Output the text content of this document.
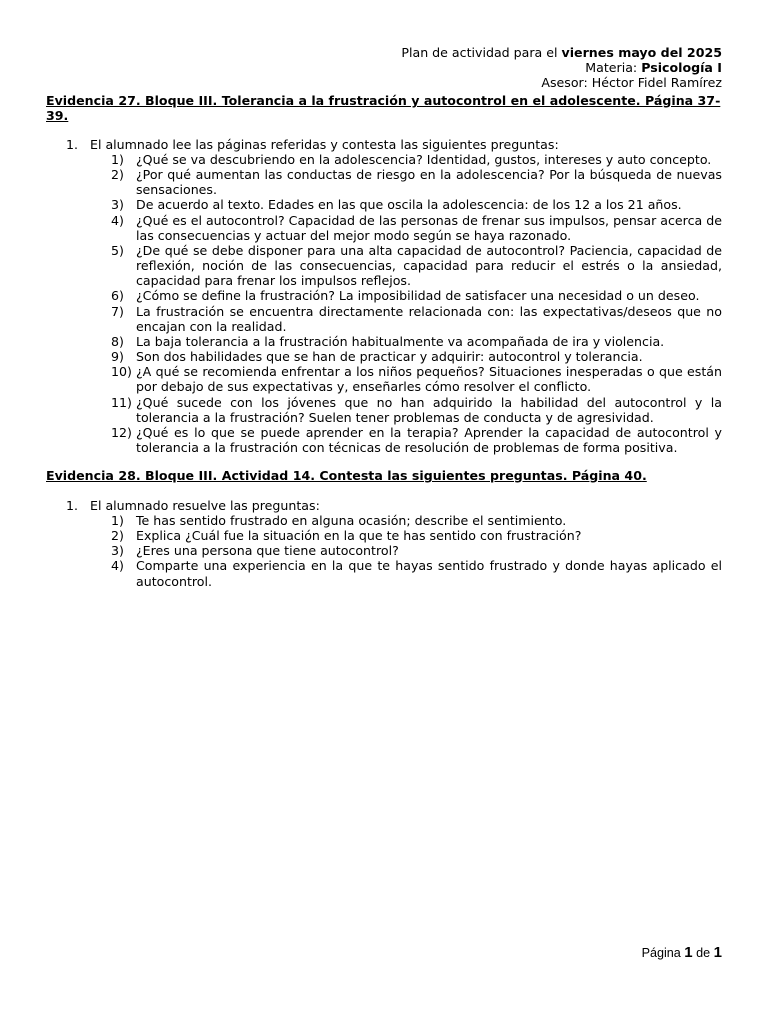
Plan de actividad para el viernes mayo del 2025
Materia: Psicología I
Asesor: Héctor Fidel Ramírez
Evidencia 27. Bloque III. Tolerancia a la frustración y autocontrol en el adolescente. Página 37-39.
1. El alumnado lee las páginas referidas y contesta las siguientes preguntas:
1) ¿Qué se va descubriendo en la adolescencia? Identidad, gustos, intereses y auto concepto.
2) ¿Por qué aumentan las conductas de riesgo en la adolescencia? Por la búsqueda de nuevas sensaciones.
3) De acuerdo al texto. Edades en las que oscila la adolescencia: de los 12 a los 21 años.
4) ¿Qué es el autocontrol? Capacidad de las personas de frenar sus impulsos, pensar acerca de las consecuencias y actuar del mejor modo según se haya razonado.
5) ¿De qué se debe disponer para una alta capacidad de autocontrol? Paciencia, capacidad de reflexión, noción de las consecuencias, capacidad para reducir el estrés o la ansiedad, capacidad para frenar los impulsos reflejos.
6) ¿Cómo se define la frustración? La imposibilidad de satisfacer una necesidad o un deseo.
7) La frustración se encuentra directamente relacionada con: las expectativas/deseos que no encajan con la realidad.
8) La baja tolerancia a la frustración habitualmente va acompañada de ira y violencia.
9) Son dos habilidades que se han de practicar y adquirir: autocontrol y tolerancia.
10) ¿A qué se recomienda enfrentar a los niños pequeños? Situaciones inesperadas o que están por debajo de sus expectativas y, enseñarles cómo resolver el conflicto.
11) ¿Qué sucede con los jóvenes que no han adquirido la habilidad del autocontrol y la tolerancia a la frustración? Suelen tener problemas de conducta y de agresividad.
12) ¿Qué es lo que se puede aprender en la terapia? Aprender la capacidad de autocontrol y tolerancia a la frustración con técnicas de resolución de problemas de forma positiva.
Evidencia 28. Bloque III. Actividad 14. Contesta las siguientes preguntas. Página 40.
1. El alumnado resuelve las preguntas:
1) Te has sentido frustrado en alguna ocasión; describe el sentimiento.
2) Explica ¿Cuál fue la situación en la que te has sentido con frustración?
3) ¿Eres una persona que tiene autocontrol?
4) Comparte una experiencia en la que te hayas sentido frustrado y donde hayas aplicado el autocontrol.
Página 1 de 1
